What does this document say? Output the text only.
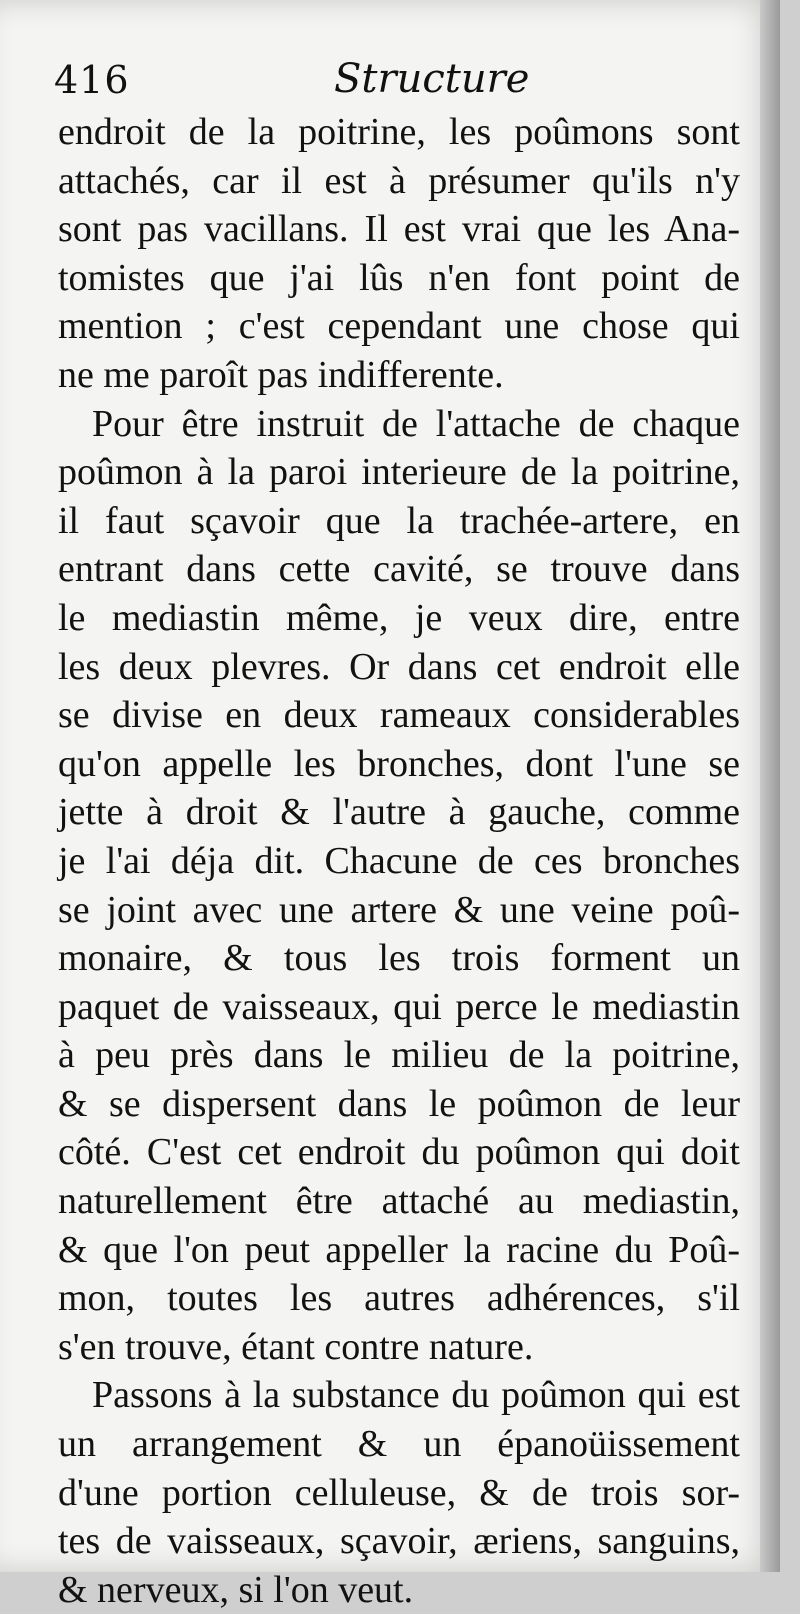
416	Structure
endroit de la poitrine, les poûmons sont
attachés, car il est à présumer qu'ils n'y
sont pas vacillans. Il est vrai que les Ana-
tomistes que j'ai lûs n'en font point de
mention ; c'est cependant une chose qui
ne me paroît pas indifferente.
Pour être instruit de l'attache de chaque
poûmon à la paroi interieure de la poitrine,
il faut sçavoir que la trachée-artere, en
entrant dans cette cavité, se trouve dans
le mediastin même, je veux dire, entre
les deux plevres. Or dans cet endroit elle
se divise en deux rameaux considerables
qu'on appelle les bronches, dont l'une se
jette à droit & l'autre à gauche, comme
je l'ai déja dit. Chacune de ces bronches
se joint avec une artere & une veine poû-
monaire, & tous les trois forment un
paquet de vaisseaux, qui perce le mediastin
à peu près dans le milieu de la poitrine,
& se dispersent dans le poûmon de leur
côté. C'est cet endroit du poûmon qui doit
naturellement être attaché au mediastin,
& que l'on peut appeller la racine du Poû-
mon, toutes les autres adhérences, s'il
s'en trouve, étant contre nature.
Passons à la substance du poûmon qui est
un arrangement & un épanoüissement
d'une portion celluleuse, & de trois sor-
tes de vaisseaux, sçavoir, æriens, sanguins,
& nerveux, si l'on veut.
